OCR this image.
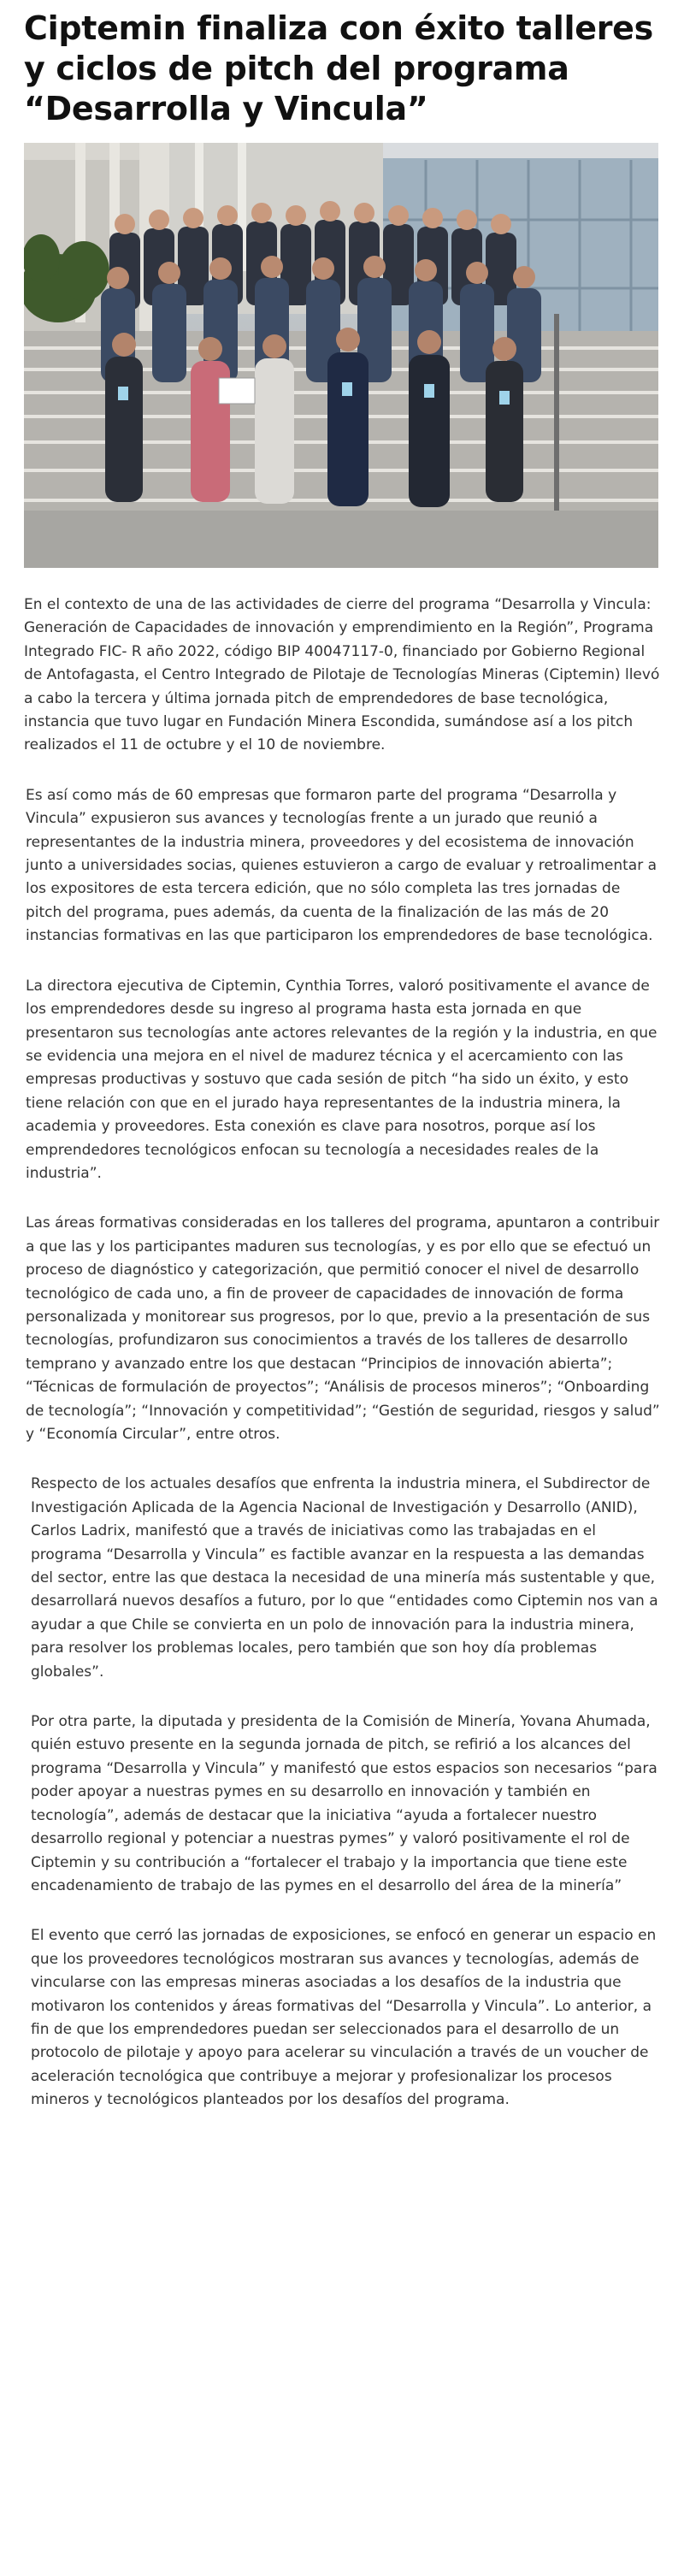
Ciptemin finaliza con éxito talleres y ciclos de pitch del programa “Desarrolla y Vincula”

En el contexto de una de las actividades de cierre del programa “Desarrolla y Vincula: Generación de Capacidades de innovación y emprendimiento en la Región”, Programa Integrado FIC- R año 2022, código BIP 40047117-0, financiado por Gobierno Regional de Antofagasta, el Centro Integrado de Pilotaje de Tecnologías Mineras (Ciptemin) llevó a cabo la tercera y última jornada pitch de emprendedores de base tecnológica, instancia que tuvo lugar en Fundación Minera Escondida, sumándose así a los pitch realizados el 11 de octubre y el 10 de noviembre.

Es así como más de 60 empresas que formaron parte del programa “Desarrolla y Vincula” expusieron sus avances y tecnologías frente a un jurado que reunió a representantes de la industria minera, proveedores y del ecosistema de innovación junto a universidades socias, quienes estuvieron a cargo de evaluar y retroalimentar a los expositores de esta tercera edición, que no sólo completa las tres jornadas de pitch del programa, pues además, da cuenta de la finalización de las más de 20 instancias formativas en las que participaron los emprendedores de base tecnológica.

La directora ejecutiva de Ciptemin, Cynthia Torres, valoró positivamente el avance de los emprendedores desde su ingreso al programa hasta esta jornada en que presentaron sus tecnologías ante actores relevantes de la región y la industria, en que se evidencia una mejora en el nivel de madurez técnica y el acercamiento con las empresas productivas y sostuvo que cada sesión de pitch “ha sido un éxito, y esto tiene relación con que en el jurado haya representantes de la industria minera, la academia y proveedores. Esta conexión es clave para nosotros, porque así los emprendedores tecnológicos enfocan su tecnología a necesidades reales de la industria”.

Las áreas formativas consideradas en los talleres del programa, apuntaron a contribuir a que las y los participantes maduren sus tecnologías, y es por ello que se efectuó un proceso de diagnóstico y categorización, que permitió conocer el nivel de desarrollo tecnológico de cada uno, a fin de proveer de capacidades de innovación de forma personalizada y monitorear sus progresos, por lo que, previo a la presentación de sus tecnologías, profundizaron sus conocimientos a través de los talleres de desarrollo temprano y avanzado entre los que destacan “Principios de innovación abierta”; “Técnicas de formulación de proyectos”; “Análisis de procesos mineros”; “Onboarding de tecnología”; “Innovación y competitividad”; “Gestión de seguridad, riesgos y salud” y “Economía Circular”, entre otros.

Respecto de los actuales desafíos que enfrenta la industria minera, el Subdirector de Investigación Aplicada de la Agencia Nacional de Investigación y Desarrollo (ANID), Carlos Ladrix, manifestó que a través de iniciativas como las trabajadas en el programa “Desarrolla y Vincula” es factible avanzar en la respuesta a las demandas del sector, entre las que destaca la necesidad de una minería más sustentable y que, desarrollará nuevos desafíos a futuro, por lo que “entidades como Ciptemin nos van a ayudar a que Chile se convierta en un polo de innovación para la industria minera, para resolver los problemas locales, pero también que son hoy día problemas globales”.

Por otra parte, la diputada y presidenta de la Comisión de Minería, Yovana Ahumada, quién estuvo presente en la segunda jornada de pitch, se refirió a los alcances del programa “Desarrolla y Vincula” y manifestó que estos espacios son necesarios “para poder apoyar a nuestras pymes en su desarrollo en innovación y también en tecnología”, además de destacar que la iniciativa “ayuda a fortalecer nuestro desarrollo regional y potenciar a nuestras pymes” y valoró positivamente el rol de Ciptemin y su contribución a “fortalecer el trabajo y la importancia que tiene este encadenamiento de trabajo de las pymes en el desarrollo del área de la minería”

El evento que cerró las jornadas de exposiciones, se enfocó en generar un espacio en que los proveedores tecnológicos mostraran sus avances y tecnologías, además de vincularse con las empresas mineras asociadas a los desafíos de la industria que motivaron los contenidos y áreas formativas del “Desarrolla y Vincula”. Lo anterior, a fin de que los emprendedores puedan ser seleccionados para el desarrollo de un protocolo de pilotaje y apoyo para acelerar su vinculación a través de un voucher de aceleración tecnológica que contribuye a mejorar y profesionalizar los procesos mineros y tecnológicos planteados por los desafíos del programa.
